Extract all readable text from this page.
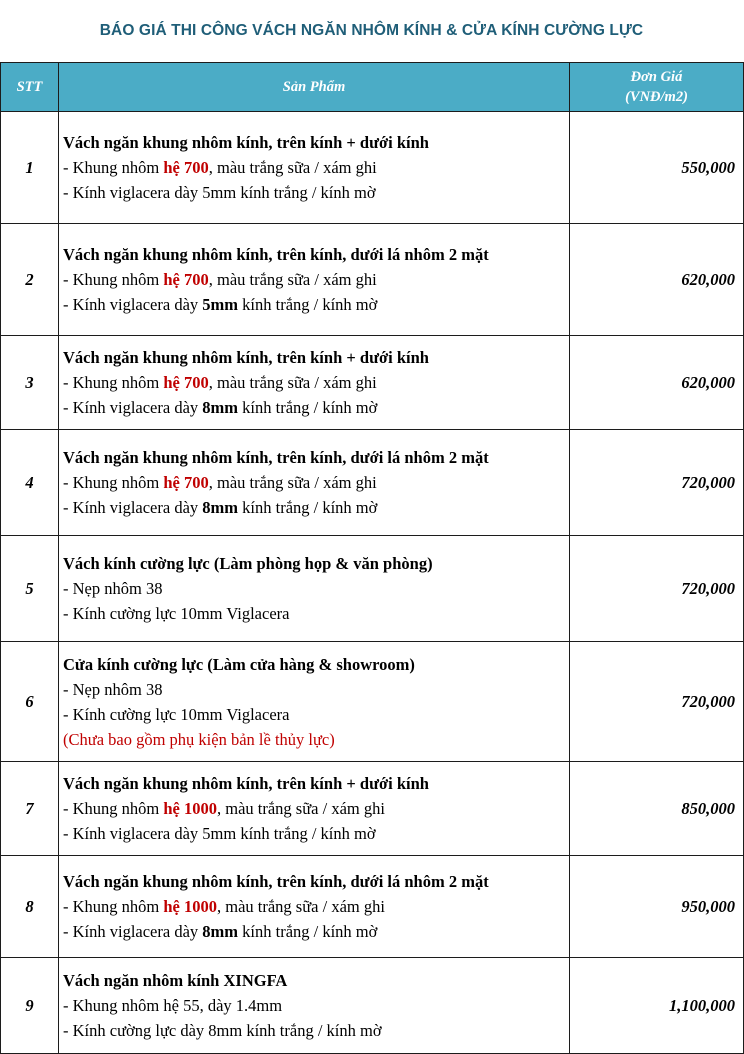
BÁO GIÁ THI CÔNG VÁCH NGĂN NHÔM KÍNH & CỬA KÍNH CƯỜNG LỰC
STT	Sản Phẩm	Đơn Giá
(VNĐ/m2)
1	Vách ngăn khung nhôm kính, trên kính + dưới kính
- Khung nhôm hệ 700, màu trắng sữa / xám ghi
- Kính viglacera dày 5mm kính trắng / kính mờ	550,000
2	Vách ngăn khung nhôm kính, trên kính, dưới lá nhôm 2 mặt
- Khung nhôm hệ 700, màu trắng sữa / xám ghi
- Kính viglacera dày 5mm kính trắng / kính mờ	620,000
3	Vách ngăn khung nhôm kính, trên kính + dưới kính
- Khung nhôm hệ 700, màu trắng sữa / xám ghi
- Kính viglacera dày 8mm kính trắng / kính mờ	620,000
4	Vách ngăn khung nhôm kính, trên kính, dưới lá nhôm 2 mặt
- Khung nhôm hệ 700, màu trắng sữa / xám ghi
- Kính viglacera dày 8mm kính trắng / kính mờ	720,000
5	Vách kính cường lực (Làm phòng họp & văn phòng)
- Nẹp nhôm 38
- Kính cường lực 10mm Viglacera	720,000
6	Cửa kính cường lực (Làm cửa hàng & showroom)
- Nẹp nhôm 38
- Kính cường lực 10mm Viglacera
(Chưa bao gồm phụ kiện bản lề thủy lực)	720,000
7	Vách ngăn khung nhôm kính, trên kính + dưới kính
- Khung nhôm hệ 1000, màu trắng sữa / xám ghi
- Kính viglacera dày 5mm kính trắng / kính mờ	850,000
8	Vách ngăn khung nhôm kính, trên kính, dưới lá nhôm 2 mặt
- Khung nhôm hệ 1000, màu trắng sữa / xám ghi
- Kính viglacera dày 8mm kính trắng / kính mờ	950,000
9	Vách ngăn nhôm kính XINGFA
- Khung nhôm hệ 55, dày 1.4mm
- Kính cường lực dày 8mm kính trắng / kính mờ	1,100,000
